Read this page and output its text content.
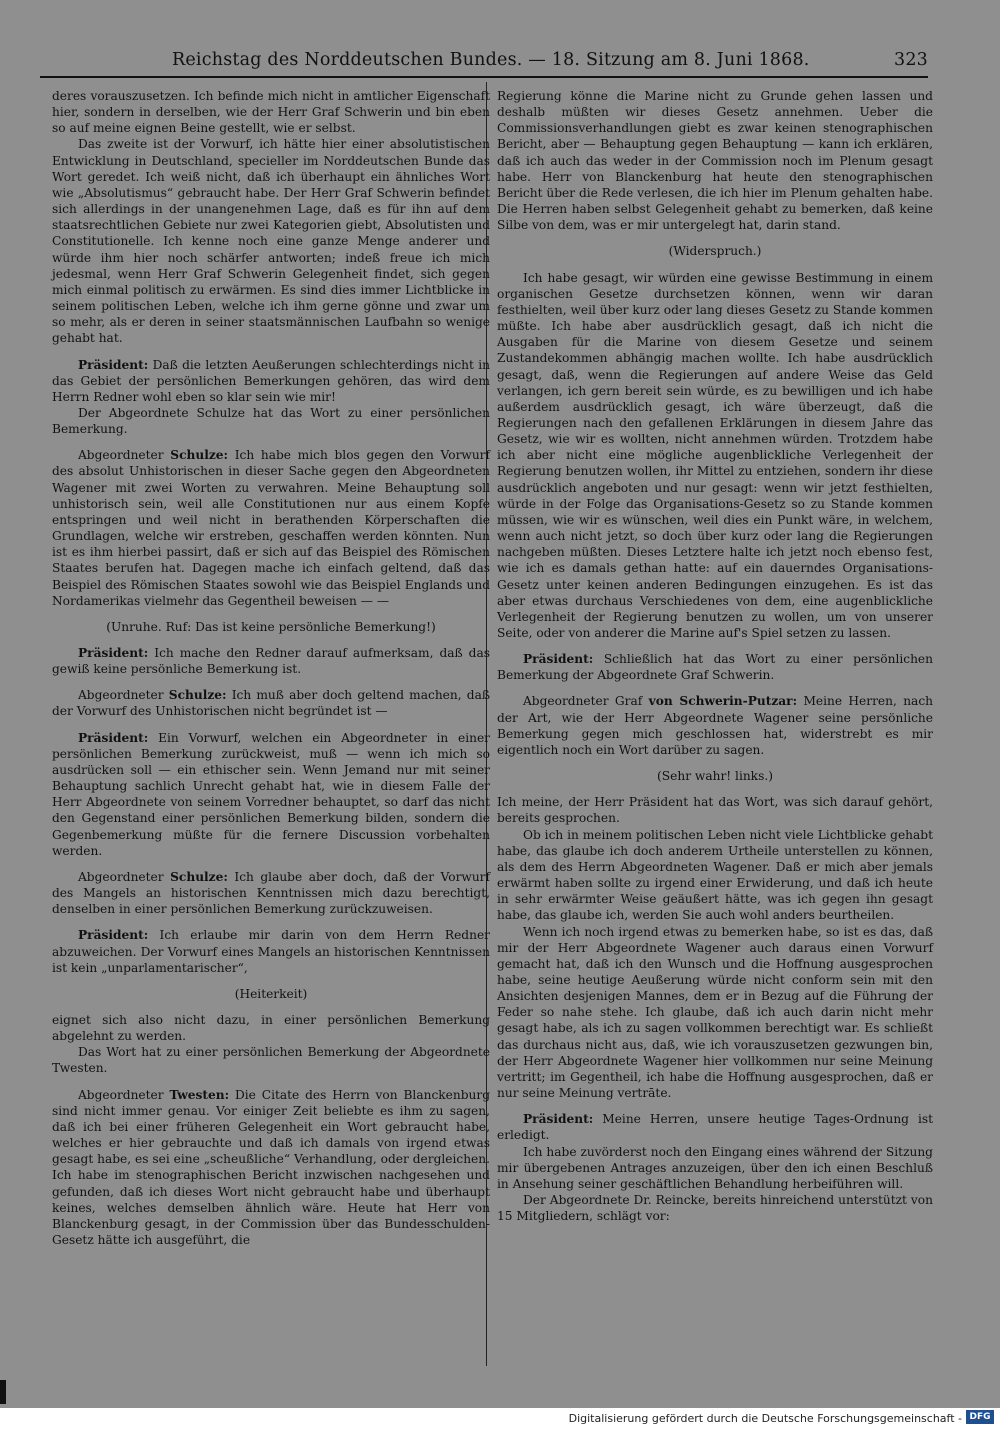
Reichstag des Norddeutschen Bundes. — 18. Sitzung am 8. Juni 1868.	323

deres vorauszusetzen. Ich befinde mich nicht in amtlicher Eigenschaft hier, sondern in derselben, wie der Herr Graf Schwerin und bin eben so auf meine eignen Beine gestellt, wie er selbst.

Das zweite ist der Vorwurf, ich hätte hier einer absolutistischen Entwicklung in Deutschland, specieller im Norddeutschen Bunde das Wort geredet. Ich weiß nicht, daß ich überhaupt ein ähnliches Wort wie „Absolutismus“ gebraucht habe. Der Herr Graf Schwerin befindet sich allerdings in der unangenehmen Lage, daß es für ihn auf dem staatsrechtlichen Gebiete nur zwei Kategorien giebt, Absolutisten und Constitutionelle. Ich kenne noch eine ganze Menge anderer und würde ihm hier noch schärfer antworten; indeß freue ich mich jedesmal, wenn Herr Graf Schwerin Gelegenheit findet, sich gegen mich einmal politisch zu erwärmen. Es sind dies immer Lichtblicke in seinem politischen Leben, welche ich ihm gerne gönne und zwar um so mehr, als er deren in seiner staatsmännischen Laufbahn so wenige gehabt hat.

Präsident: Daß die letzten Aeußerungen schlechterdings nicht in das Gebiet der persönlichen Bemerkungen gehören, das wird dem Herrn Redner wohl eben so klar sein wie mir!

Der Abgeordnete Schulze hat das Wort zu einer persönlichen Bemerkung.

Abgeordneter Schulze: Ich habe mich blos gegen den Vorwurf des absolut Unhistorischen in dieser Sache gegen den Abgeordneten Wagener mit zwei Worten zu verwahren. Meine Behauptung soll unhistorisch sein, weil alle Constitutionen nur aus einem Kopfe entspringen und weil nicht in berathenden Körperschaften die Grundlagen, welche wir erstreben, geschaffen werden könnten. Nun ist es ihm hierbei passirt, daß er sich auf das Beispiel des Römischen Staates berufen hat. Dagegen mache ich einfach geltend, daß das Beispiel des Römischen Staates sowohl wie das Beispiel Englands und Nordamerikas vielmehr das Gegentheil beweisen — —

(Unruhe. Ruf: Das ist keine persönliche Bemerkung!)

Präsident: Ich mache den Redner darauf aufmerksam, daß das gewiß keine persönliche Bemerkung ist.

Abgeordneter Schulze: Ich muß aber doch geltend machen, daß der Vorwurf des Unhistorischen nicht begründet ist —

Präsident: Ein Vorwurf, welchen ein Abgeordneter in einer persönlichen Bemerkung zurückweist, muß — wenn ich mich so ausdrücken soll — ein ethischer sein. Wenn Jemand nur mit seiner Behauptung sachlich Unrecht gehabt hat, wie in diesem Falle der Herr Abgeordnete von seinem Vorredner behauptet, so darf das nicht den Gegenstand einer persönlichen Bemerkung bilden, sondern die Gegenbemerkung müßte für die fernere Discussion vorbehalten werden.

Abgeordneter Schulze: Ich glaube aber doch, daß der Vorwurf des Mangels an historischen Kenntnissen mich dazu berechtigt, denselben in einer persönlichen Bemerkung zurückzuweisen.

Präsident: Ich erlaube mir darin von dem Herrn Redner abzuweichen. Der Vorwurf eines Mangels an historischen Kenntnissen ist kein „unparlamentarischer“,

(Heiterkeit)

eignet sich also nicht dazu, in einer persönlichen Bemerkung abgelehnt zu werden.

Das Wort hat zu einer persönlichen Bemerkung der Abgeordnete Twesten.

Abgeordneter Twesten: Die Citate des Herrn von Blanckenburg sind nicht immer genau. Vor einiger Zeit beliebte es ihm zu sagen, daß ich bei einer früheren Gelegenheit ein Wort gebraucht habe, welches er hier gebrauchte und daß ich damals von irgend etwas gesagt habe, es sei eine „scheußliche“ Verhandlung, oder dergleichen. Ich habe im stenographischen Bericht inzwischen nachgesehen und gefunden, daß ich dieses Wort nicht gebraucht habe und überhaupt keines, welches demselben ähnlich wäre. Heute hat Herr von Blanckenburg gesagt, in der Commission über das Bundesschulden-Gesetz hätte ich ausgeführt, die

Regierung könne die Marine nicht zu Grunde gehen lassen und deshalb müßten wir dieses Gesetz annehmen. Ueber die Commissionsverhandlungen giebt es zwar keinen stenographischen Bericht, aber — Behauptung gegen Behauptung — kann ich erklären, daß ich auch das weder in der Commission noch im Plenum gesagt habe. Herr von Blanckenburg hat heute den stenographischen Bericht über die Rede verlesen, die ich hier im Plenum gehalten habe. Die Herren haben selbst Gelegenheit gehabt zu bemerken, daß keine Silbe von dem, was er mir untergelegt hat, darin stand.

(Widerspruch.)

Ich habe gesagt, wir würden eine gewisse Bestimmung in einem organischen Gesetze durchsetzen können, wenn wir daran festhielten, weil über kurz oder lang dieses Gesetz zu Stande kommen müßte. Ich habe aber ausdrücklich gesagt, daß ich nicht die Ausgaben für die Marine von diesem Gesetze und seinem Zustandekommen abhängig machen wollte. Ich habe ausdrücklich gesagt, daß, wenn die Regierungen auf andere Weise das Geld verlangen, ich gern bereit sein würde, es zu bewilligen und ich habe außerdem ausdrücklich gesagt, ich wäre überzeugt, daß die Regierungen nach den gefallenen Erklärungen in diesem Jahre das Gesetz, wie wir es wollten, nicht annehmen würden. Trotzdem habe ich aber nicht eine mögliche augenblickliche Verlegenheit der Regierung benutzen wollen, ihr Mittel zu entziehen, sondern ihr diese ausdrücklich angeboten und nur gesagt: wenn wir jetzt festhielten, würde in der Folge das Organisations-Gesetz so zu Stande kommen müssen, wie wir es wünschen, weil dies ein Punkt wäre, in welchem, wenn auch nicht jetzt, so doch über kurz oder lang die Regierungen nachgeben müßten. Dieses Letztere halte ich jetzt noch ebenso fest, wie ich es damals gethan hatte: auf ein dauerndes Organisations-Gesetz unter keinen anderen Bedingungen einzugehen. Es ist das aber etwas durchaus Verschiedenes von dem, eine augenblickliche Verlegenheit der Regierung benutzen zu wollen, um von unserer Seite, oder von anderer die Marine auf's Spiel setzen zu lassen.

Präsident: Schließlich hat das Wort zu einer persönlichen Bemerkung der Abgeordnete Graf Schwerin.

Abgeordneter Graf von Schwerin-Putzar: Meine Herren, nach der Art, wie der Herr Abgeordnete Wagener seine persönliche Bemerkung gegen mich geschlossen hat, widerstrebt es mir eigentlich noch ein Wort darüber zu sagen.

(Sehr wahr! links.)

Ich meine, der Herr Präsident hat das Wort, was sich darauf gehört, bereits gesprochen.

Ob ich in meinem politischen Leben nicht viele Lichtblicke gehabt habe, das glaube ich doch anderem Urtheile unterstellen zu können, als dem des Herrn Abgeordneten Wagener. Daß er mich aber jemals erwärmt haben sollte zu irgend einer Erwiderung, und daß ich heute in sehr erwärmter Weise geäußert hätte, was ich gegen ihn gesagt habe, das glaube ich, werden Sie auch wohl anders beurtheilen.

Wenn ich noch irgend etwas zu bemerken habe, so ist es das, daß mir der Herr Abgeordnete Wagener auch daraus einen Vorwurf gemacht hat, daß ich den Wunsch und die Hoffnung ausgesprochen habe, seine heutige Aeußerung würde nicht conform sein mit den Ansichten desjenigen Mannes, dem er in Bezug auf die Führung der Feder so nahe stehe. Ich glaube, daß ich auch darin nicht mehr gesagt habe, als ich zu sagen vollkommen berechtigt war. Es schließt das durchaus nicht aus, daß, wie ich vorauszusetzen gezwungen bin, der Herr Abgeordnete Wagener hier vollkommen nur seine Meinung vertritt; im Gegentheil, ich habe die Hoffnung ausgesprochen, daß er nur seine Meinung vertrāte.

Präsident: Meine Herren, unsere heutige Tages-Ordnung ist erledigt.

Ich habe zuvörderst noch den Eingang eines während der Sitzung mir übergebenen Antrages anzuzeigen, über den ich einen Beschluß in Ansehung seiner geschäftlichen Behandlung herbeiführen will.

Der Abgeordnete Dr. Reincke, bereits hinreichend unterstützt von 15 Mitgliedern, schlägt vor:

Digitalisierung gefördert durch die Deutsche Forschungsgemeinschaft - DFG
